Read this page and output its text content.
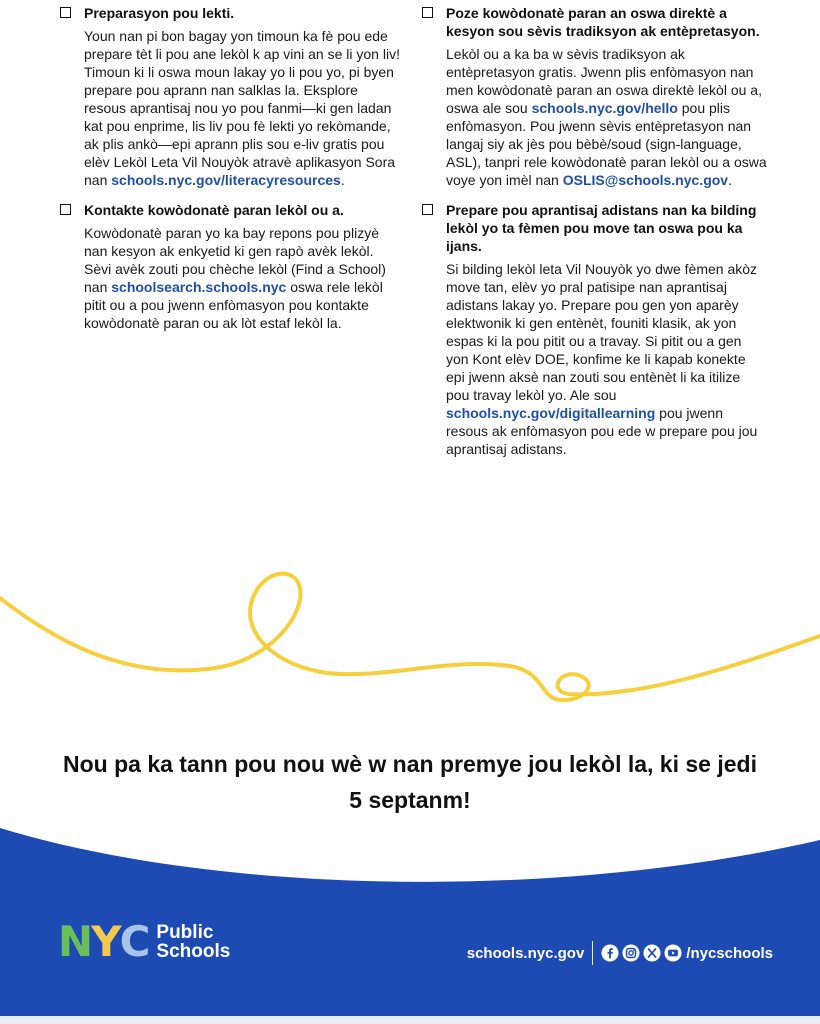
Preparasyon pou lekti.
Youn nan pi bon bagay yon timoun ka fè pou ede prepare tèt li pou ane lekòl k ap vini an se li yon liv! Timoun ki li oswa moun lakay yo li pou yo, pi byen prepare pou aprann nan salklas la. Eksplore resous aprantisaj nou yo pou fanmi—ki gen ladan kat pou enprime, lis liv pou fè lekti yo rekòmande, ak plis ankò—epi aprann plis sou e-liv gratis pou elèv Lekòl Leta Vil Nouyòk atravè aplikasyon Sora nan schools.nyc.gov/literacyresources.
Kontakte kowòdonatè paran lekòl ou a.
Kowòdonatè paran yo ka bay repons pou plizyè nan kesyon ak enkyetid ki gen rapò avèk lekòl. Sèvi avèk zouti pou chèche lekòl (Find a School) nan schoolsearch.schools.nyc oswa rele lekòl pitit ou a pou jwenn enfòmasyon pou kontakte kowòdonatè paran ou ak lòt estaf lekòl la.
Poze kowòdonatè paran an oswa direktè a kesyon sou sèvis tradiksyon ak entèpretasyon.
Lekòl ou a ka ba w sèvis tradiksyon ak entèpretasyon gratis. Jwenn plis enfòmasyon nan men kowòdonatè paran an oswa direktè lekòl ou a, oswa ale sou schools.nyc.gov/hello pou plis enfòmasyon. Pou jwenn sèvis entèpretasyon nan langaj siy ak jès pou bèbè/soud (sign-language, ASL), tanpri rele kowòdonatè paran lekòl ou a oswa voye yon imèl nan OSLIS@schools.nyc.gov.
Prepare pou aprantisaj adistans nan ka bilding lekòl yo ta fèmen pou move tan oswa pou ka ijans.
Si bilding lekòl leta Vil Nouyòk yo dwe fèmen akòz move tan, elèv yo pral patisipe nan aprantisaj adistans lakay yo. Prepare pou gen yon aparèy elektwonik ki gen entènèt, founiti klasik, ak yon espas ki la pou pitit ou a travay. Si pitit ou a gen yon Kont elèv DOE, konfime ke li kapab konekte epi jwenn aksè nan zouti sou entènèt li ka itilize pou travay lekòl yo. Ale sou schools.nyc.gov/digitallearning pou jwenn resous ak enfòmasyon pou ede w prepare pou jou aprantisaj adistans.
Nou pa ka tann pou nou wè w nan premye jou lekòl la, ki se jedi 5 septanm!
N Y C Public
Schools	schools.nyc.gov	/nycschools
